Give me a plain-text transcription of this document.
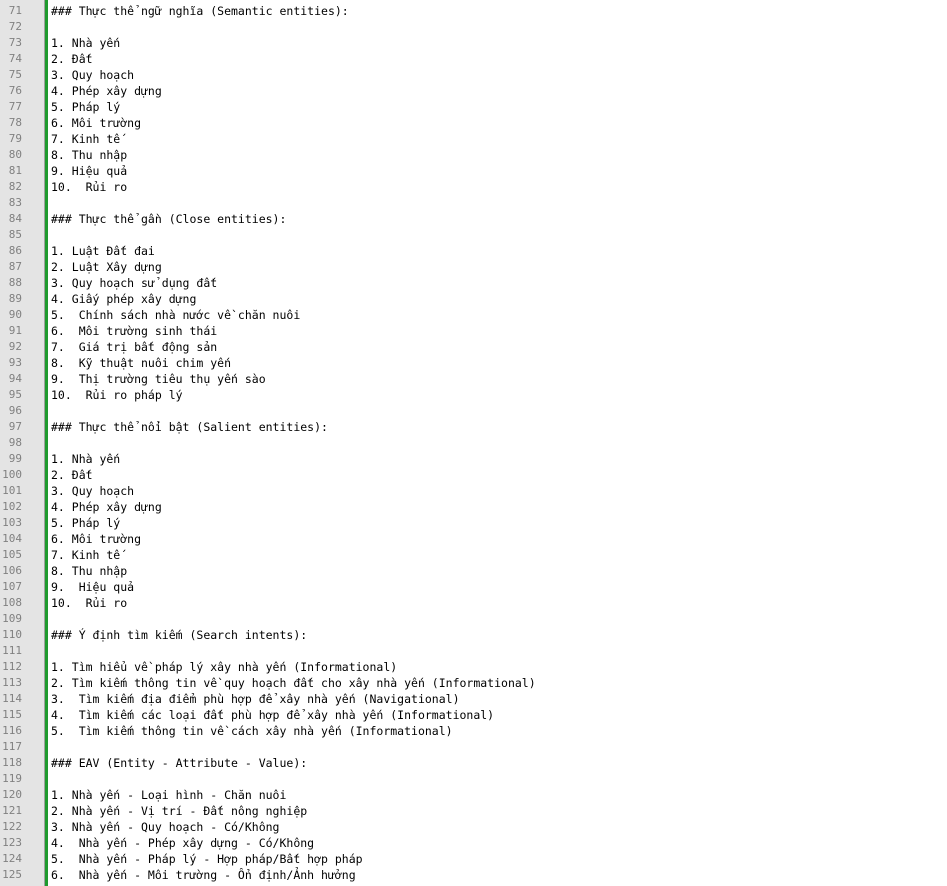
71	### Thực thể ngữ nghĩa (Semantic entities):
72
73	1. Nhà yến
74	2. Đất
75	3. Quy hoạch
76	4. Phép xây dựng
77	5. Pháp lý
78	6. Môi trường
79	7. Kinh tế
80	8. Thu nhập
81	9. Hiệu quả
82	10.  Rủi ro
83
84	### Thực thể gần (Close entities):
85
86	1. Luật Đất đai
87	2. Luật Xây dựng
88	3. Quy hoạch sử dụng đất
89	4. Giấy phép xây dựng
90	5.  Chính sách nhà nước về chăn nuôi
91	6.  Môi trường sinh thái
92	7.  Giá trị bất động sản
93	8.  Kỹ thuật nuôi chim yến
94	9.  Thị trường tiêu thụ yến sào
95	10.  Rủi ro pháp lý
96
97	### Thực thể nổi bật (Salient entities):
98
99	1. Nhà yến
100	2. Đất
101	3. Quy hoạch
102	4. Phép xây dựng
103	5. Pháp lý
104	6. Môi trường
105	7. Kinh tế
106	8. Thu nhập
107	9.  Hiệu quả
108	10.  Rủi ro
109
110	### Ý định tìm kiếm (Search intents):
111
112	1. Tìm hiểu về pháp lý xây nhà yến (Informational)
113	2. Tìm kiếm thông tin về quy hoạch đất cho xây nhà yến (Informational)
114	3.  Tìm kiếm địa điểm phù hợp để xây nhà yến (Navigational)
115	4.  Tìm kiếm các loại đất phù hợp để xây nhà yến (Informational)
116	5.  Tìm kiếm thông tin về cách xây nhà yến (Informational)
117
118	### EAV (Entity - Attribute - Value):
119
120	1. Nhà yến - Loại hình - Chăn nuôi
121	2. Nhà yến - Vị trí - Đất nông nghiệp
122	3. Nhà yến - Quy hoạch - Có/Không
123	4.  Nhà yến - Phép xây dựng - Có/Không
124	5.  Nhà yến - Pháp lý - Hợp pháp/Bất hợp pháp
125	6.  Nhà yến - Môi trường - Ổn định/Ảnh hưởng
